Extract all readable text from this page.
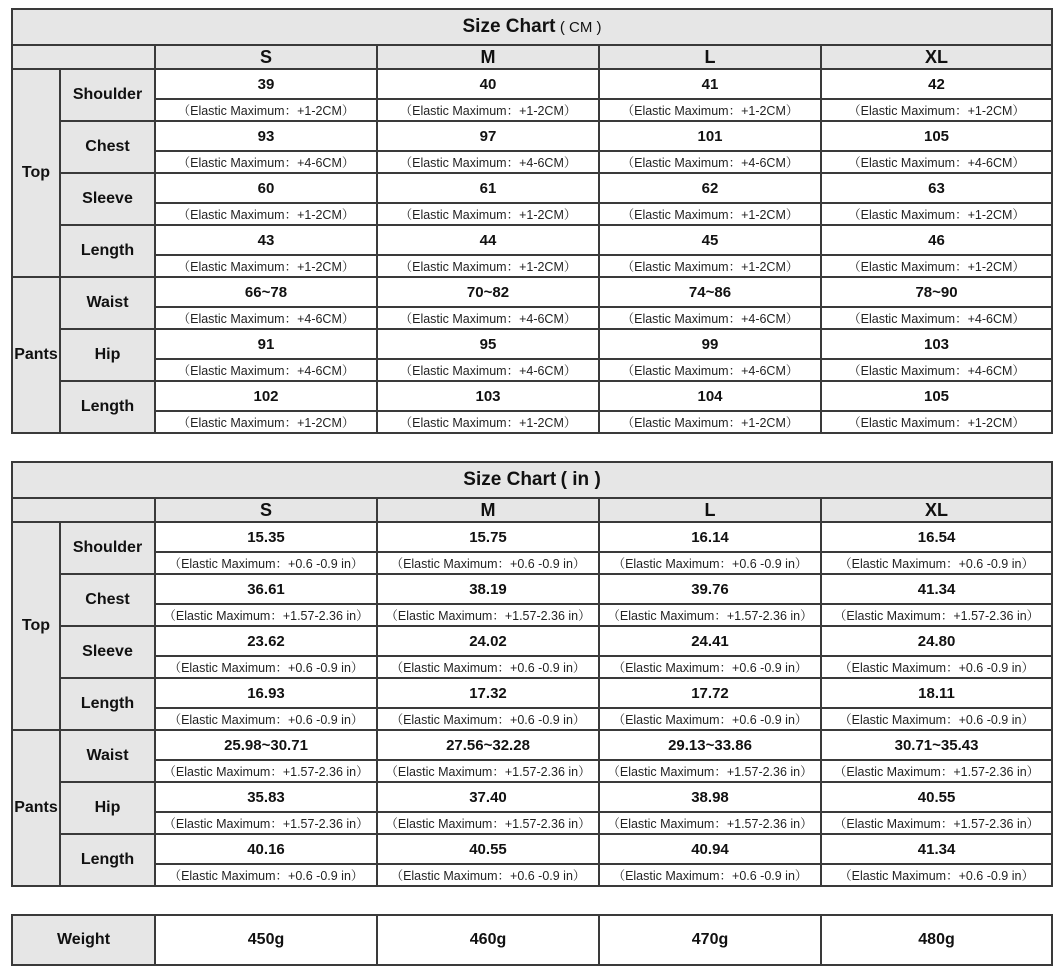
Size Chart ( CM )					
		S	M	L	XL
Top	Shoulder	39	40	41	42
		（Elastic Maximum：+1-2CM）	（Elastic Maximum：+1-2CM）	（Elastic Maximum：+1-2CM）	（Elastic Maximum：+1-2CM）
	Chest	93	97	101	105
		（Elastic Maximum：+4-6CM）	（Elastic Maximum：+4-6CM）	（Elastic Maximum：+4-6CM）	（Elastic Maximum：+4-6CM）
	Sleeve	60	61	62	63
		（Elastic Maximum：+1-2CM）	（Elastic Maximum：+1-2CM）	（Elastic Maximum：+1-2CM）	（Elastic Maximum：+1-2CM）
	Length	43	44	45	46
		（Elastic Maximum：+1-2CM）	（Elastic Maximum：+1-2CM）	（Elastic Maximum：+1-2CM）	（Elastic Maximum：+1-2CM）
Pants	Waist	66~78	70~82	74~86	78~90
		（Elastic Maximum：+4-6CM）	（Elastic Maximum：+4-6CM）	（Elastic Maximum：+4-6CM）	（Elastic Maximum：+4-6CM）
	Hip	91	95	99	103
		（Elastic Maximum：+4-6CM）	（Elastic Maximum：+4-6CM）	（Elastic Maximum：+4-6CM）	（Elastic Maximum：+4-6CM）
	Length	102	103	104	105
		（Elastic Maximum：+1-2CM）	（Elastic Maximum：+1-2CM）	（Elastic Maximum：+1-2CM）	（Elastic Maximum：+1-2CM）
Size Chart ( in )					
		S	M	L	XL
Top	Shoulder	15.35	15.75	16.14	16.54
		（Elastic Maximum：+0.6 -0.9 in）	（Elastic Maximum：+0.6 -0.9 in）	（Elastic Maximum：+0.6 -0.9 in）	（Elastic Maximum：+0.6 -0.9 in）
	Chest	36.61	38.19	39.76	41.34
		（Elastic Maximum：+1.57-2.36 in）	（Elastic Maximum：+1.57-2.36 in）	（Elastic Maximum：+1.57-2.36 in）	（Elastic Maximum：+1.57-2.36 in）
	Sleeve	23.62	24.02	24.41	24.80
		（Elastic Maximum：+0.6 -0.9 in）	（Elastic Maximum：+0.6 -0.9 in）	（Elastic Maximum：+0.6 -0.9 in）	（Elastic Maximum：+0.6 -0.9 in）
	Length	16.93	17.32	17.72	18.11
		（Elastic Maximum：+0.6 -0.9 in）	（Elastic Maximum：+0.6 -0.9 in）	（Elastic Maximum：+0.6 -0.9 in）	（Elastic Maximum：+0.6 -0.9 in）
Pants	Waist	25.98~30.71	27.56~32.28	29.13~33.86	30.71~35.43
		（Elastic Maximum：+1.57-2.36 in）	（Elastic Maximum：+1.57-2.36 in）	（Elastic Maximum：+1.57-2.36 in）	（Elastic Maximum：+1.57-2.36 in）
	Hip	35.83	37.40	38.98	40.55
		（Elastic Maximum：+1.57-2.36 in）	（Elastic Maximum：+1.57-2.36 in）	（Elastic Maximum：+1.57-2.36 in）	（Elastic Maximum：+1.57-2.36 in）
	Length	40.16	40.55	40.94	41.34
		（Elastic Maximum：+0.6 -0.9 in）	（Elastic Maximum：+0.6 -0.9 in）	（Elastic Maximum：+0.6 -0.9 in）	（Elastic Maximum：+0.6 -0.9 in）
Weight	450g	460g	470g	480g
